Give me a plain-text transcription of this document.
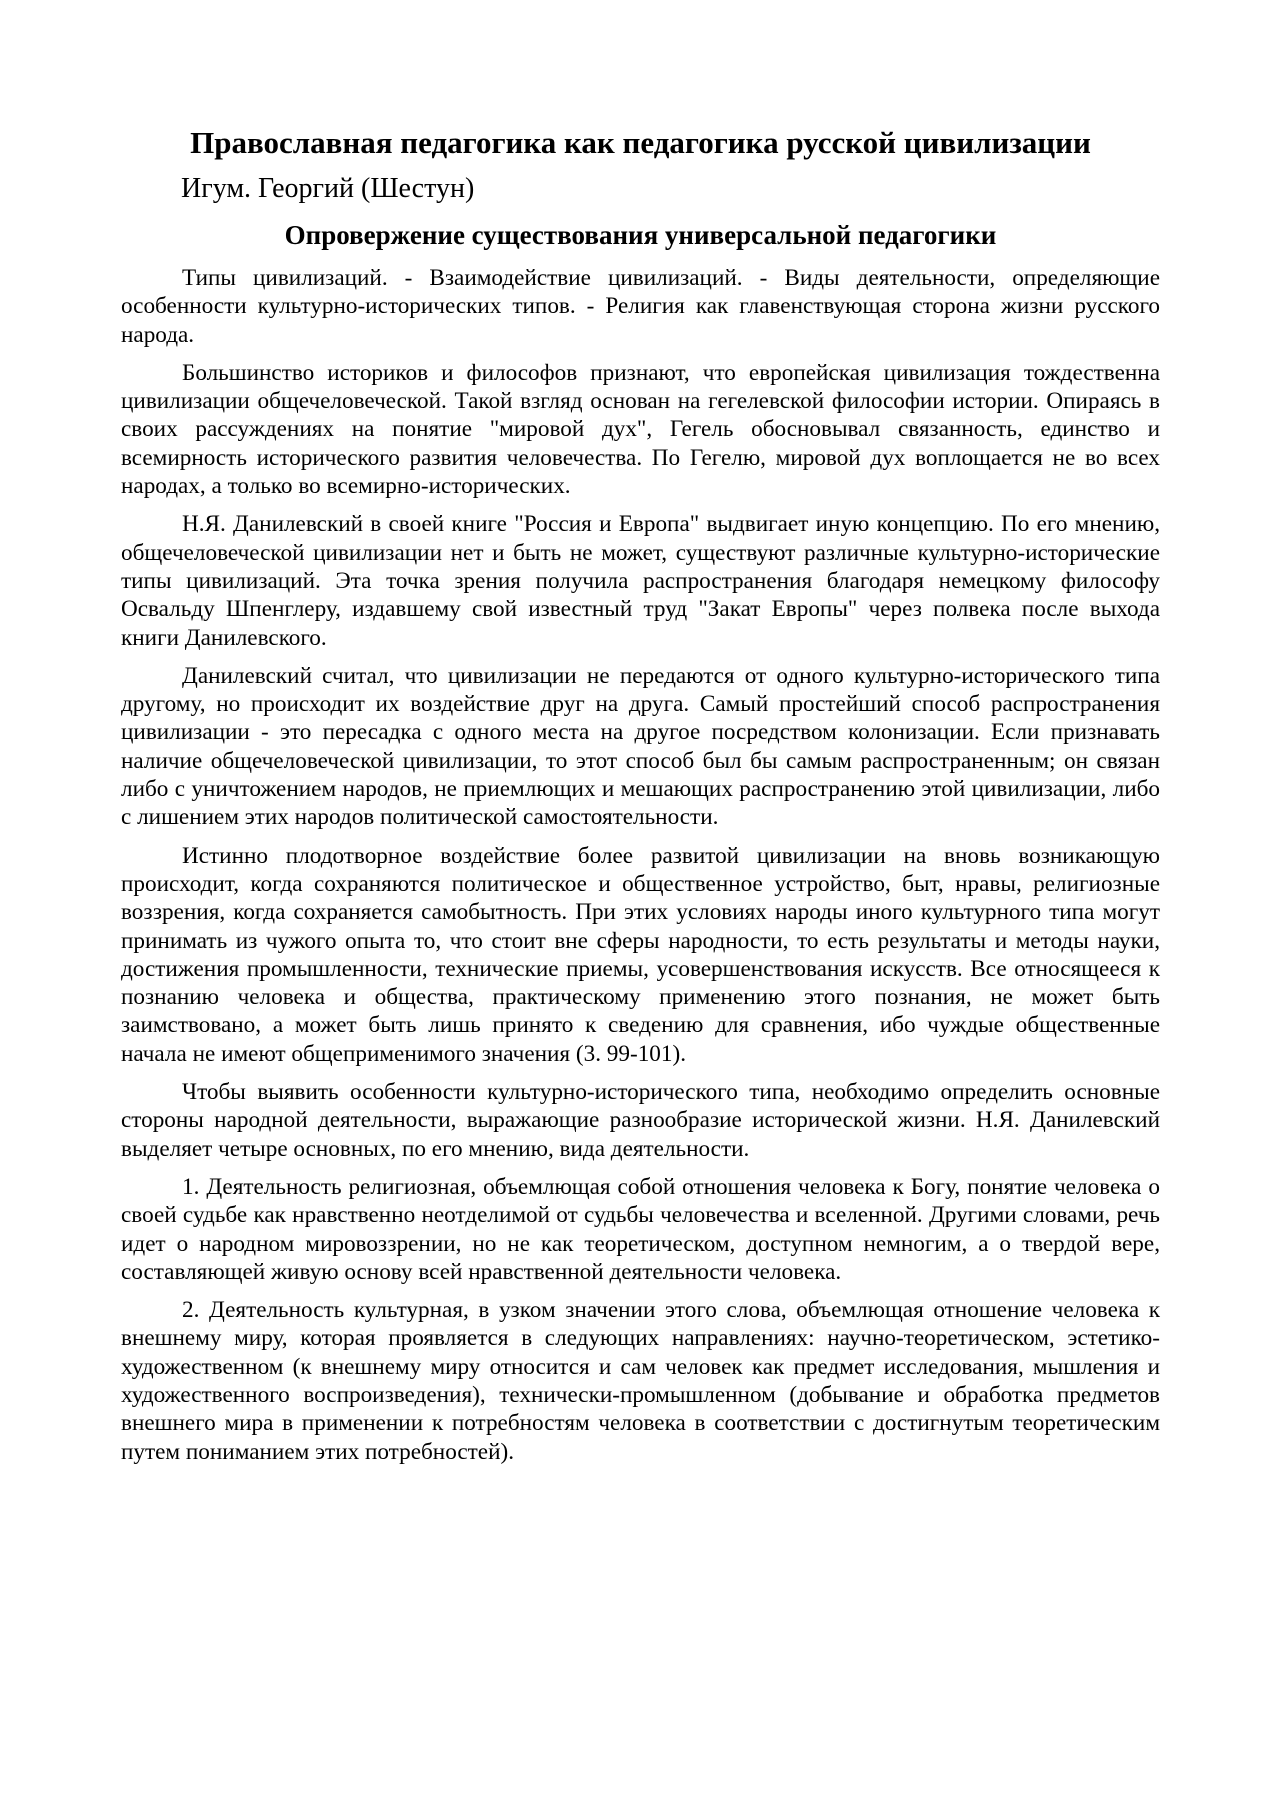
Православная педагогика как педагогика русской цивилизации
Игум. Георгий (Шестун)
Опровержение существования универсальной педагогики

Типы цивилизаций. - Взаимодействие цивилизаций. - Виды деятельности, определяющие особенности культурно-исторических типов. - Религия как главенствующая сторона жизни русского народа.

Большинство историков и философов признают, что европейская цивилизация тождественна цивилизации общечеловеческой. Такой взгляд основан на гегелевской философии истории. Опираясь в своих рассуждениях на понятие "мировой дух", Гегель обосновывал связанность, единство и всемирность исторического развития человечества. По Гегелю, мировой дух воплощается не во всех народах, а только во всемирно-исторических.

Н.Я. Данилевский в своей книге "Россия и Европа" выдвигает иную концепцию. По его мнению, общечеловеческой цивилизации нет и быть не может, существуют различные культурно-исторические типы цивилизаций. Эта точка зрения получила распространения благодаря немецкому философу Освальду Шпенглеру, издавшему свой известный труд "Закат Европы" через полвека после выхода книги Данилевского.

Данилевский считал, что цивилизации не передаются от одного культурно-исторического типа другому, но происходит их воздействие друг на друга. Самый простейший способ распространения цивилизации - это пересадка с одного места на другое посредством колонизации. Если признавать наличие общечеловеческой цивилизации, то этот способ был бы самым распространенным; он связан либо с уничтожением народов, не приемлющих и мешающих распространению этой цивилизации, либо с лишением этих народов политической самостоятельности.

Истинно плодотворное воздействие более развитой цивилизации на вновь возникающую происходит, когда сохраняются политическое и общественное устройство, быт, нравы, религиозные воззрения, когда сохраняется самобытность. При этих условиях народы иного культурного типа могут принимать из чужого опыта то, что стоит вне сферы народности, то есть результаты и методы науки, достижения промышленности, технические приемы, усовершенствования искусств. Все относящееся к познанию человека и общества, практическому применению этого познания, не может быть заимствовано, а может быть лишь принято к сведению для сравнения, ибо чуждые общественные начала не имеют общеприменимого значения (3. 99-101).

Чтобы выявить особенности культурно-исторического типа, необходимо определить основные стороны народной деятельности, выражающие разнообразие исторической жизни. Н.Я. Данилевский выделяет четыре основных, по его мнению, вида деятельности.

1. Деятельность религиозная, объемлющая собой отношения человека к Богу, понятие человека о своей судьбе как нравственно неотделимой от судьбы человечества и вселенной. Другими словами, речь идет о народном мировоззрении, но не как теоретическом, доступном немногим, а о твердой вере, составляющей живую основу всей нравственной деятельности человека.

2. Деятельность культурная, в узком значении этого слова, объемлющая отношение человека к внешнему миру, которая проявляется в следующих направлениях: научно-теоретическом, эстетико-художественном (к внешнему миру относится и сам человек как предмет исследования, мышления и художественного воспроизведения), технически-промышленном (добывание и обработка предметов внешнего мира в применении к потребностям человека в соответствии с достигнутым теоретическим путем пониманием этих потребностей).
